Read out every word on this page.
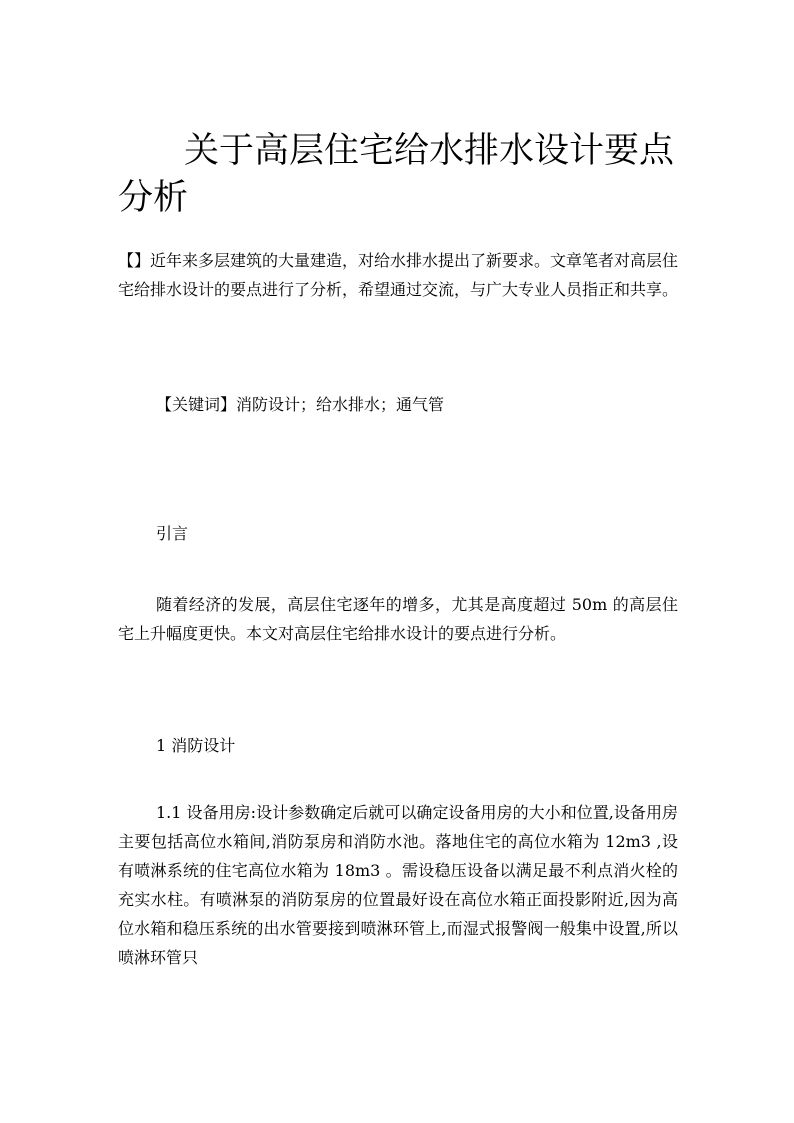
关于高层住宅给水排水设计要点分析

【】近年来多层建筑的大量建造，对给水排水提出了新要求。文章笔者对高层住宅给排水设计的要点进行了分析，希望通过交流，与广大专业人员指正和共享。

【关键词】消防设计；给水排水；通气管

引言

随着经济的发展，高层住宅逐年的增多，尤其是高度超过 50m 的高层住宅上升幅度更快。本文对高层住宅给排水设计的要点进行分析。

1 消防设计

1.1 设备用房:设计参数确定后就可以确定设备用房的大小和位置,设备用房主要包括高位水箱间,消防泵房和消防水池。落地住宅的高位水箱为 12m3 ,设有喷淋系统的住宅高位水箱为 18m3 。需设稳压设备以满足最不利点消火栓的充实水柱。有喷淋泵的消防泵房的位置最好设在高位水箱正面投影附近,因为高位水箱和稳压系统的出水管要接到喷淋环管上,而湿式报警阀一般集中设置,所以喷淋环管只
